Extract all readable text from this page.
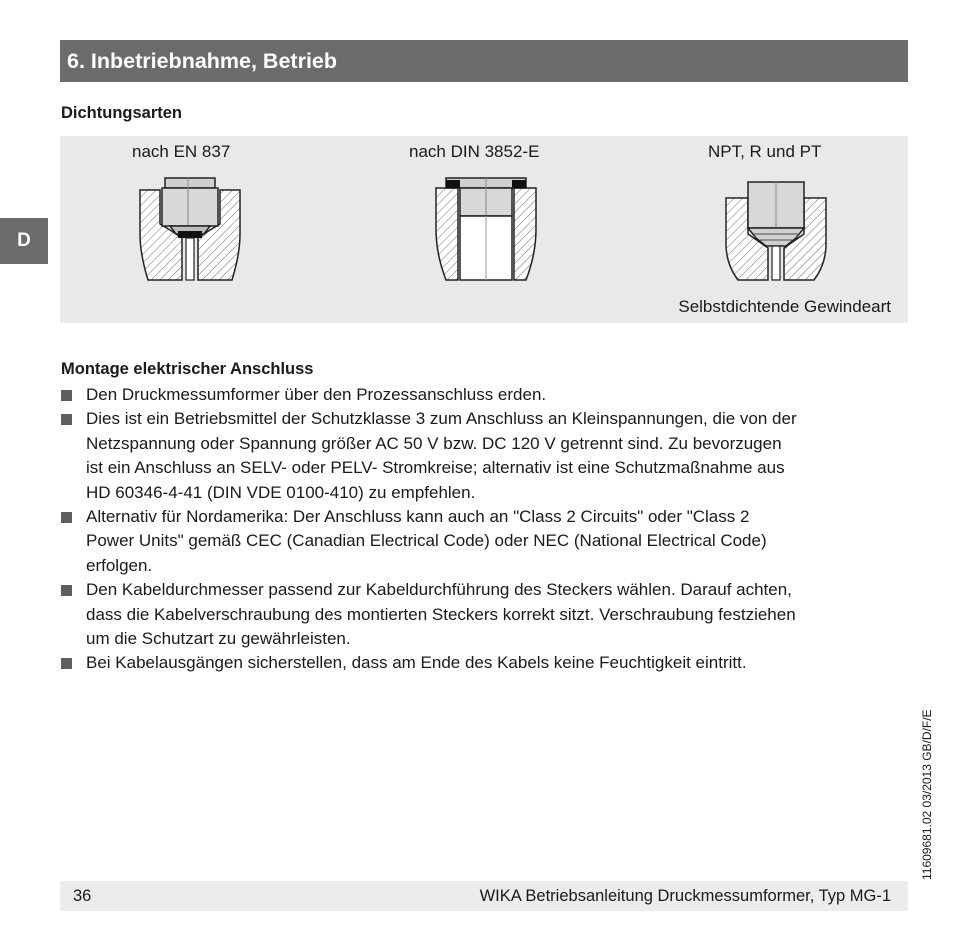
6. Inbetriebnahme, Betrieb
D
Dichtungsarten
nach EN 837	nach DIN 3852-E	NPT, R und PT
Selbstdichtende Gewindeart
Montage elektrischer Anschluss
Den Druckmessumformer über den Prozessanschluss erden.
Dies ist ein Betriebsmittel der Schutzklasse 3 zum Anschluss an Kleinspannungen, die von der
Netzspannung oder Spannung größer AC 50 V bzw. DC 120 V getrennt sind. Zu bevorzugen
ist ein Anschluss an SELV- oder PELV- Stromkreise; alternativ ist eine Schutzmaßnahme aus
HD 60346-4-41 (DIN VDE 0100-410) zu empfehlen.
Alternativ für Nordamerika: Der Anschluss kann auch an "Class 2 Circuits" oder "Class 2
Power Units" gemäß CEC (Canadian Electrical Code) oder NEC (National Electrical Code)
erfolgen.
Den Kabeldurchmesser passend zur Kabeldurchführung des Steckers wählen. Darauf achten,
dass die Kabelverschraubung des montierten Steckers korrekt sitzt. Verschraubung festziehen
um die Schutzart zu gewährleisten.
Bei Kabelausgängen sicherstellen, dass am Ende des Kabels keine Feuchtigkeit eintritt.
11609681.02 03/2013 GB/D/F/E
36	WIKA Betriebsanleitung Druckmessumformer, Typ MG-1
